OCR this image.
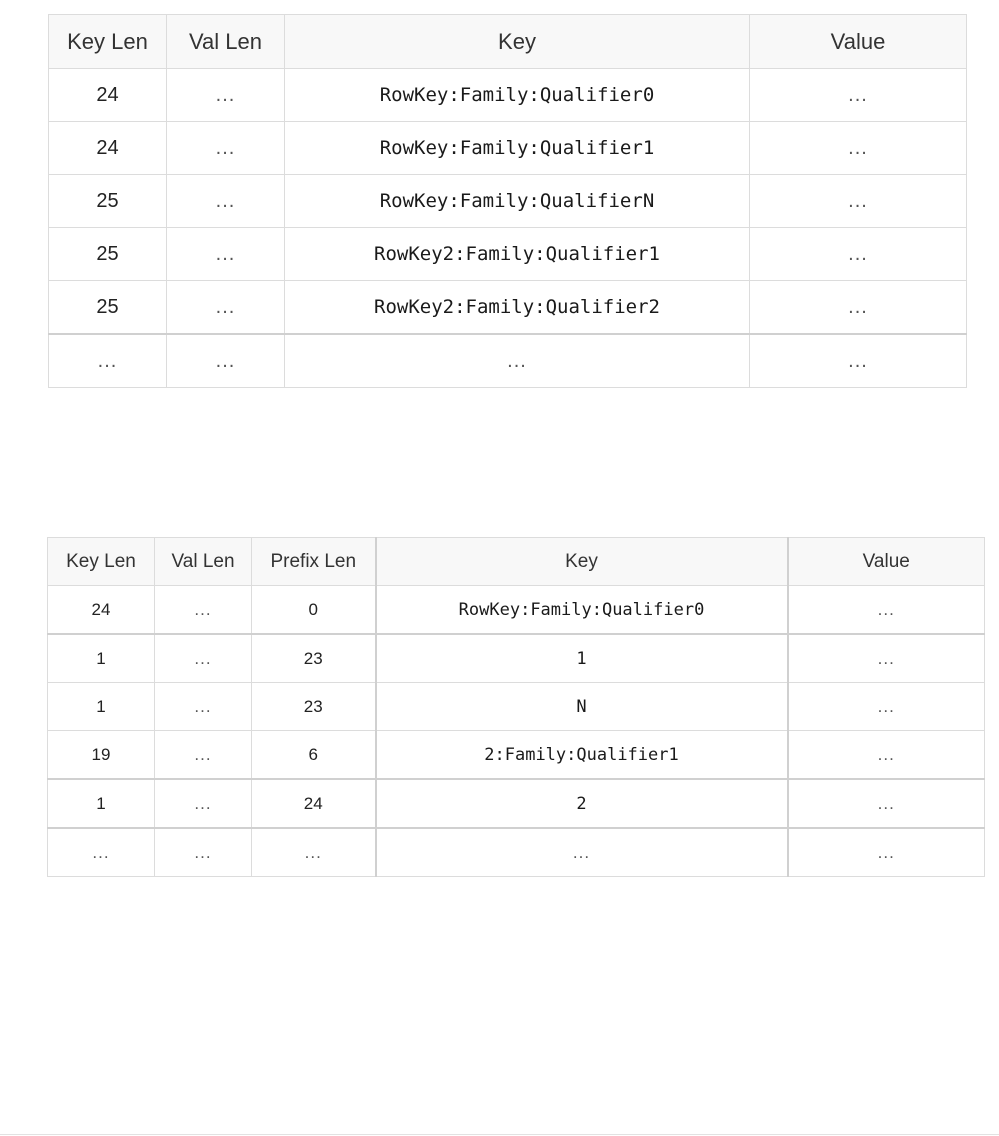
Key Len	Val Len	Key	Value
24	...	RowKey:Family:Qualifier0	...
24	...	RowKey:Family:Qualifier1	...
25	...	RowKey:Family:QualifierN	...
25	...	RowKey2:Family:Qualifier1	...
25	...	RowKey2:Family:Qualifier2	...
...	...	...	...
Key Len	Val Len	Prefix Len	Key	Value
24	...	0	RowKey:Family:Qualifier0	...
1	...	23	1	...
1	...	23	N	...
19	...	6	2:Family:Qualifier1	...
1	...	24	2	...
...	...	...	...	...
